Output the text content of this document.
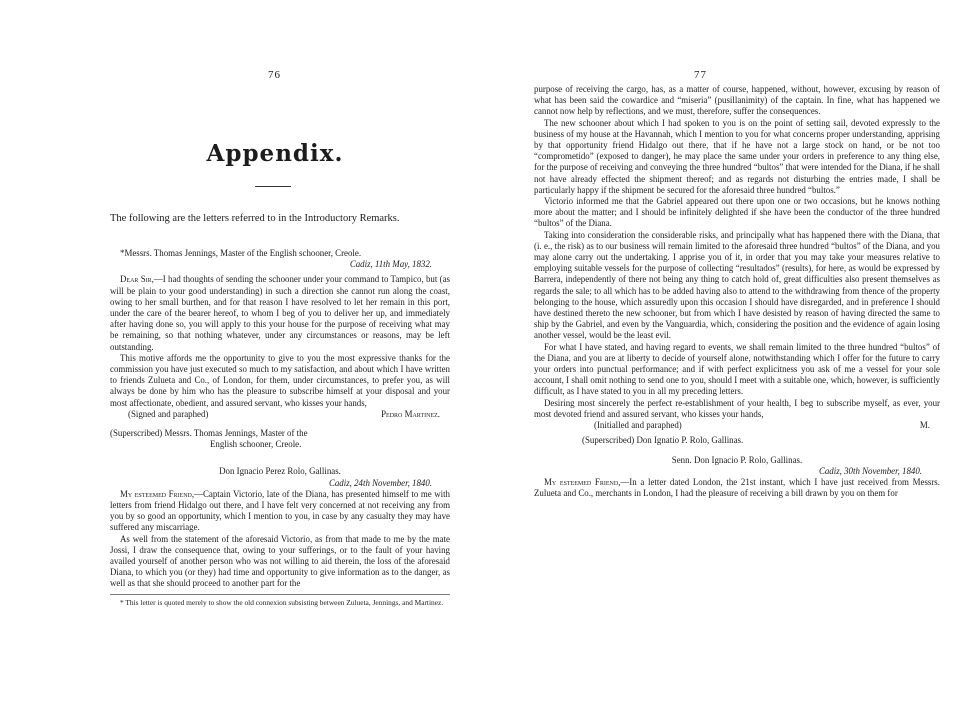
76
Appendix.

The following are the letters referred to in the Introductory Remarks.

*Messrs. Thomas Jennings, Master of the English schooner, Creole.

Cadiz, 11th May, 1832.

Dear Sir,—I had thoughts of sending the schooner under your command to Tampico, but (as will be plain to your good understanding) in such a direction she cannot run along the coast, owing to her small burthen, and for that reason I have resolved to let her remain in this port, under the care of the bearer hereof, to whom I beg of you to deliver her up, and immediately after having done so, you will apply to this your house for the purpose of receiving what may be remaining, so that nothing whatever, under any circumstances or reasons, may be left outstanding.

This motive affords me the opportunity to give to you the most expressive thanks for the commission you have just executed so much to my satisfaction, and about which I have written to friends Zulueta and Co., of London, for them, under circumstances, to prefer you, as will always be done by him who has the pleasure to subscribe himself at your disposal and your most affectionate, obedient, and assured servant, who kisses your hands,

(Signed and paraphed)	Pedro Martinez.

(Superscribed) Messrs. Thomas Jennings, Master of the

English schooner, Creole.

Don Ignacio Perez Rolo, Gallinas.

Cadiz, 24th November, 1840.

My esteemed Friend,—Captain Victorio, late of the Diana, has presented himself to me with letters from friend Hidalgo out there, and I have felt very concerned at not receiving any from you by so good an opportunity, which I mention to you, in case by any casualty they may have suffered any miscarriage.

As well from the statement of the aforesaid Victorio, as from that made to me by the mate Jossi, I draw the consequence that, owing to your sufferings, or to the fault of your having availed yourself of another person who was not willing to aid therein, the loss of the aforesaid Diana, to which you (or they) had time and opportunity to give information as to the danger, as well as that she should proceed to another part for the

* This letter is quoted merely to show the old connexion subsisting between Zulueta, Jennings, and Martinez.

77

purpose of receiving the cargo, has, as a matter of course, happened, without, however, excusing by reason of what has been said the cowardice and “miseria” (pusillanimity) of the captain. In fine, what has happened we cannot now help by reflections, and we must, therefore, suffer the consequences.

The new schooner about which I had spoken to you is on the point of setting sail, devoted expressly to the business of my house at the Havannah, which I mention to you for what concerns proper understanding, apprising by that opportunity friend Hidalgo out there, that if he have not a large stock on hand, or be not too “comprometido” (exposed to danger), he may place the same under your orders in preference to any thing else, for the purpose of receiving and conveying the three hundred “bultos” that were intended for the Diana, if he shall not have already effected the shipment thereof; and as regards not disturbing the entries made, I shall be particularly happy if the shipment be secured for the aforesaid three hundred “bultos.”

Victorio informed me that the Gabriel appeared out there upon one or two occasions, but he knows nothing more about the matter; and I should be infinitely delighted if she have been the conductor of the three hundred “bultos” of the Diana.

Taking into consideration the considerable risks, and principally what has happened there with the Diana, that (i. e., the risk) as to our business will remain limited to the aforesaid three hundred “bultos” of the Diana, and you may alone carry out the undertaking. I apprise you of it, in order that you may take your measures relative to employing suitable vessels for the purpose of collecting “resultados” (results), for here, as would be expressed by Barrera, independently of there not being any thing to catch hold of, great difficulties also present themselves as regards the sale; to all which has to be added having also to attend to the withdrawing from thence of the property belonging to the house, which assuredly upon this occasion I should have disregarded, and in preference I should have destined thereto the new schooner, but from which I have desisted by reason of having directed the same to ship by the Gabriel, and even by the Vanguardia, which, considering the position and the evidence of again losing another vessel, would be the least evil.

For what I have stated, and having regard to events, we shall remain limited to the three hundred “bultos” of the Diana, and you are at liberty to decide of yourself alone, notwithstanding which I offer for the future to carry your orders into punctual performance; and if with perfect explicitness you ask of me a vessel for your sole account, I shall omit nothing to send one to you, should I meet with a suitable one, which, however, is sufficiently difficult, as I have stated to you in all my preceding letters.

Desiring most sincerely the perfect re-establishment of your health, I beg to subscribe myself, as ever, your most devoted friend and assured servant, who kisses your hands,

(Initialled and paraphed)	M.

(Superscribed) Don Ignatio P. Rolo, Gallinas.

Senn. Don Ignacio P. Rolo, Gallinas.

Cadiz, 30th November, 1840.

My esteemed Friend,—In a letter dated London, the 21st instant, which I have just received from Messrs. Zulueta and Co., merchants in London, I had the pleasure of receiving a bill drawn by you on them for
